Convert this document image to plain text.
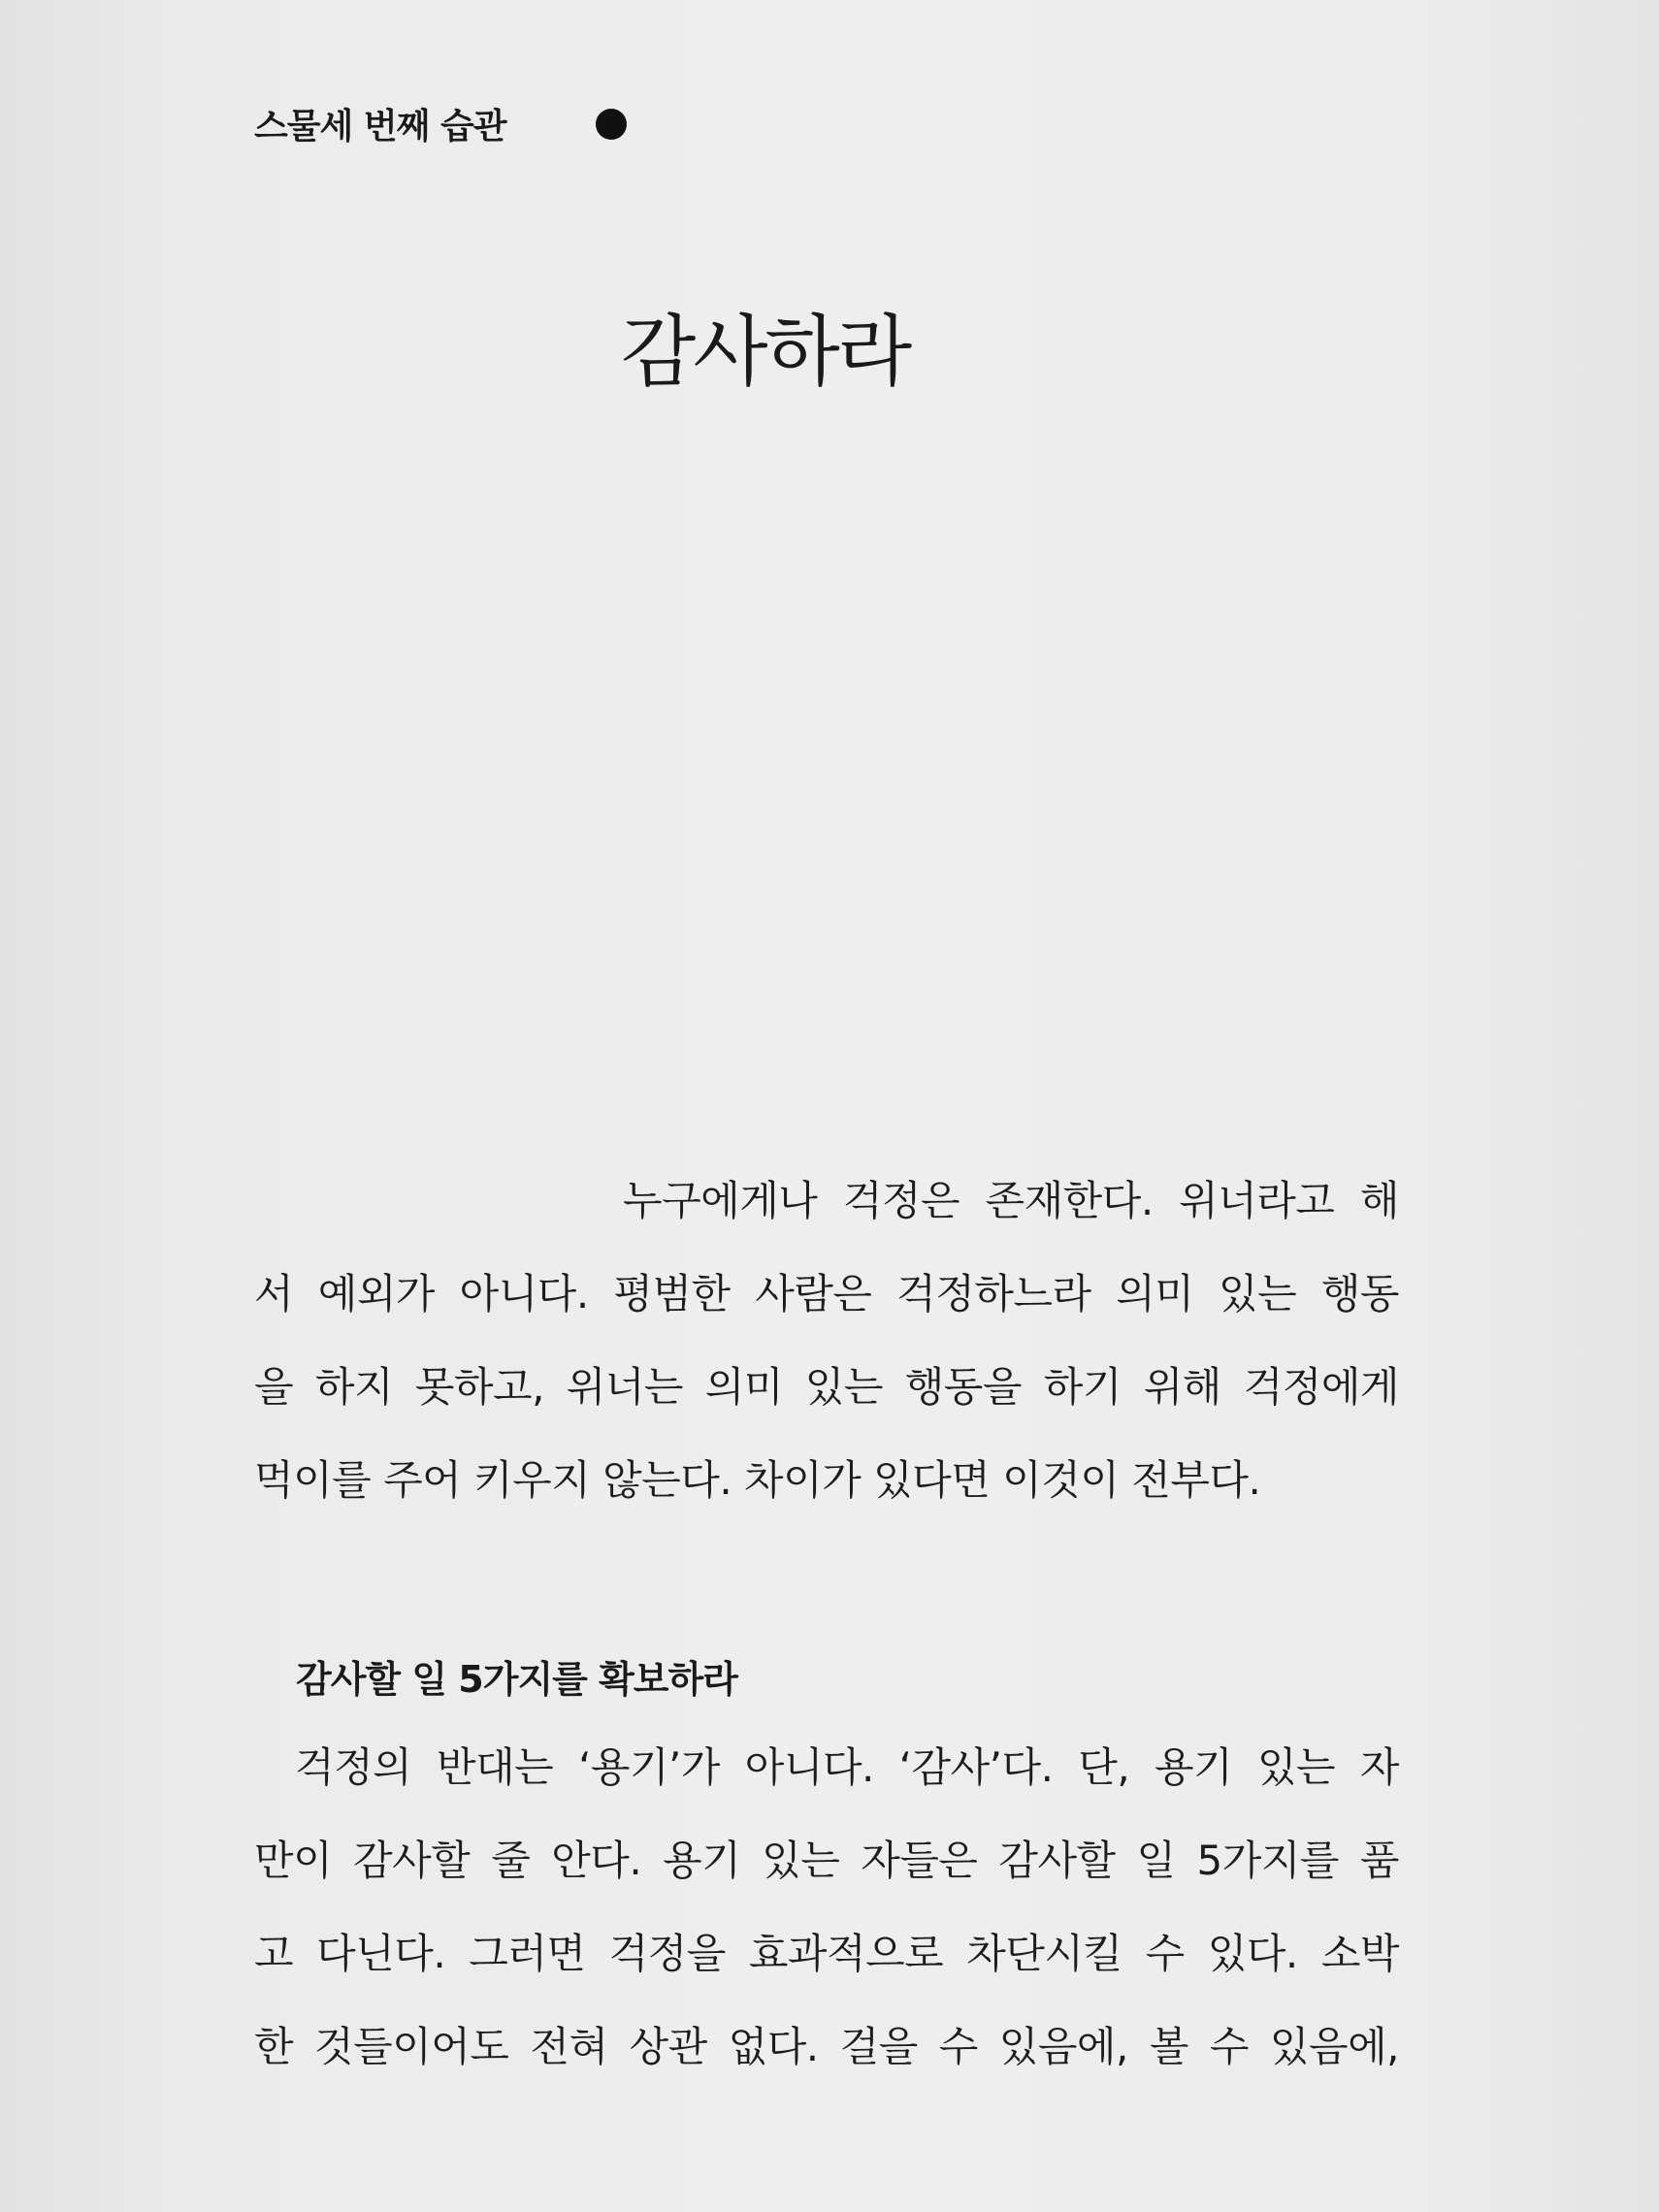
스물세 번째 습관
감사하라
누구에게나 걱정은 존재한다. 위너라고 해
서 예외가 아니다. 평범한 사람은 걱정하느라 의미 있는 행동
을 하지 못하고, 위너는 의미 있는 행동을 하기 위해 걱정에게
먹이를 주어 키우지 않는다. 차이가 있다면 이것이 전부다.
감사할 일 5가지를 확보하라
걱정의 반대는 ‘용기’가 아니다. ‘감사’다. 단, 용기 있는 자
만이 감사할 줄 안다. 용기 있는 자들은 감사할 일 5가지를 품
고 다닌다. 그러면 걱정을 효과적으로 차단시킬 수 있다. 소박
한 것들이어도 전혀 상관 없다. 걸을 수 있음에, 볼 수 있음에,
